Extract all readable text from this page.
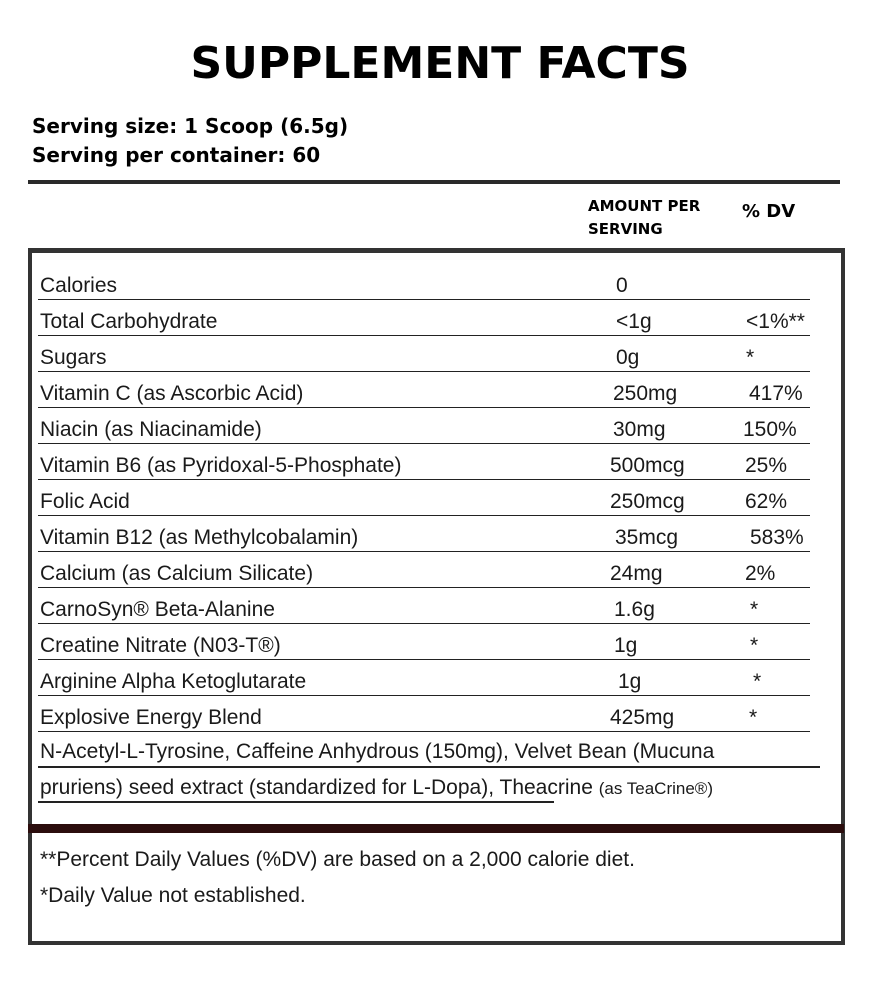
SUPPLEMENT FACTS
Serving size: 1 Scoop (6.5g)
Serving per container: 60
AMOUNT PER
SERVING
% DV
Calories	0
Total Carbohydrate	<1g	<1%**
Sugars	0g	*
Vitamin C (as Ascorbic Acid)	250mg	417%
Niacin (as Niacinamide)	30mg	150%
Vitamin B6 (as Pyridoxal-5-Phosphate)	500mcg	25%
Folic Acid	250mcg	62%
Vitamin B12 (as Methylcobalamin)	35mcg	583%
Calcium (as Calcium Silicate)	24mg	2%
CarnoSyn® Beta-Alanine	1.6g	*
Creatine Nitrate (N03-T®)	1g	*
Arginine Alpha Ketoglutarate	1g	*
Explosive Energy Blend	425mg	*
N-Acetyl-L-Tyrosine, Caffeine Anhydrous (150mg), Velvet Bean (Mucuna
pruriens) seed extract (standardized for L-Dopa), Theacrine (as TeaCrine®)
**Percent Daily Values (%DV) are based on a 2,000 calorie diet.
*Daily Value not established.
